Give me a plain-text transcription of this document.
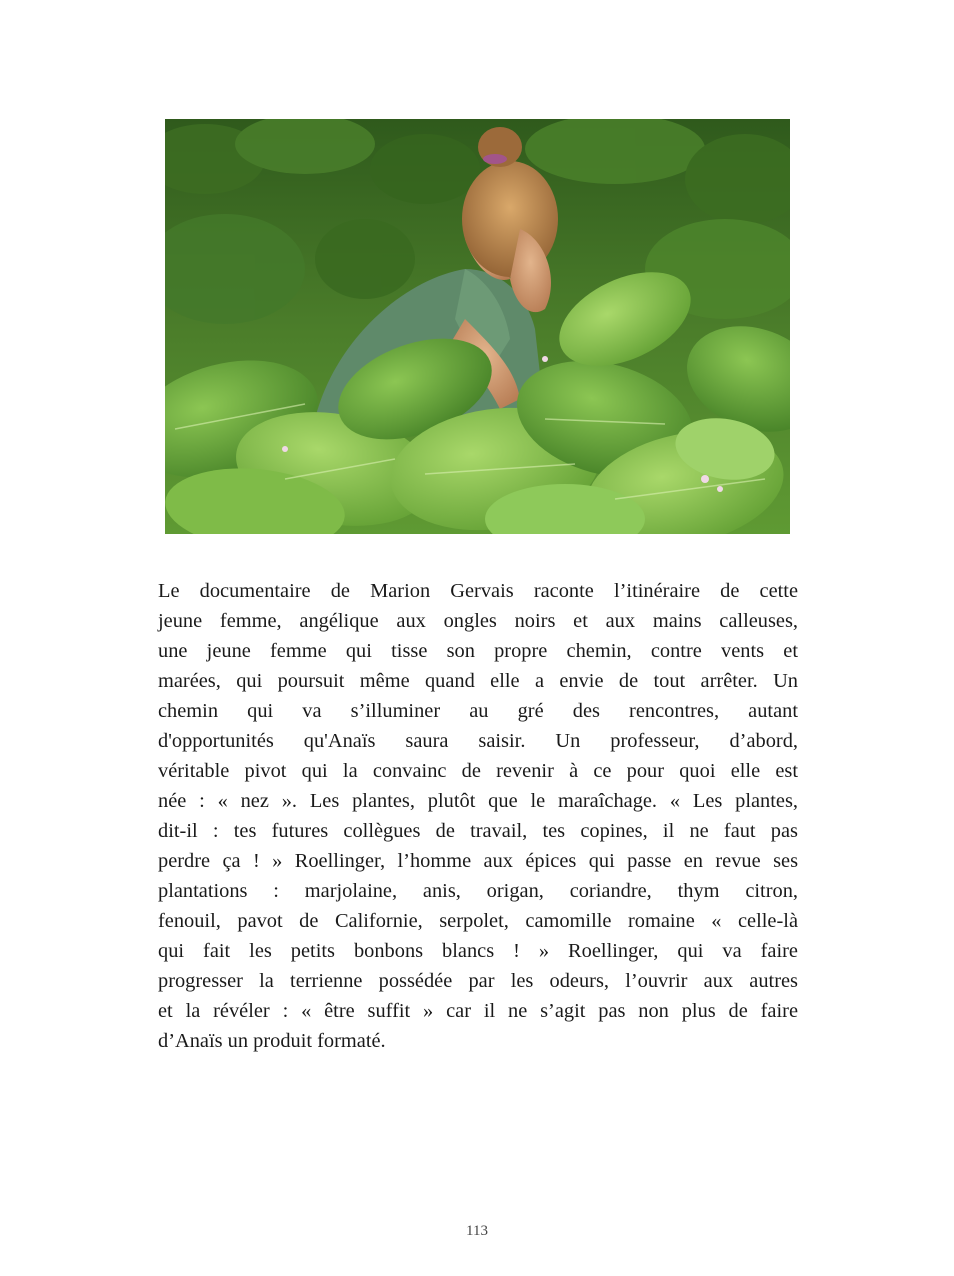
Le documentaire de Marion Gervais raconte l’itinéraire de cette
jeune femme, angélique aux ongles noirs et aux mains calleuses,
une jeune femme qui tisse son propre chemin, contre vents et
marées, qui poursuit même quand elle a envie de tout arrêter. Un
chemin qui va s’illuminer au gré des rencontres, autant
d'opportunités qu'Anaïs saura saisir. Un professeur, d’abord,
véritable pivot qui la convainc de revenir à ce pour quoi elle est
née : « nez ». Les plantes, plutôt que le maraîchage. « Les plantes,
dit-il : tes futures collègues de travail, tes copines, il ne faut pas
perdre ça ! » Roellinger, l’homme aux épices qui passe en revue ses
plantations : marjolaine, anis, origan, coriandre, thym citron,
fenouil, pavot de Californie, serpolet, camomille romaine « celle-là
qui fait les petits bonbons blancs ! » Roellinger, qui va faire
progresser la terrienne possédée par les odeurs, l’ouvrir aux autres
et la révéler : « être suffit » car il ne s’agit pas non plus de faire
d’Anaïs un produit formaté.
113
